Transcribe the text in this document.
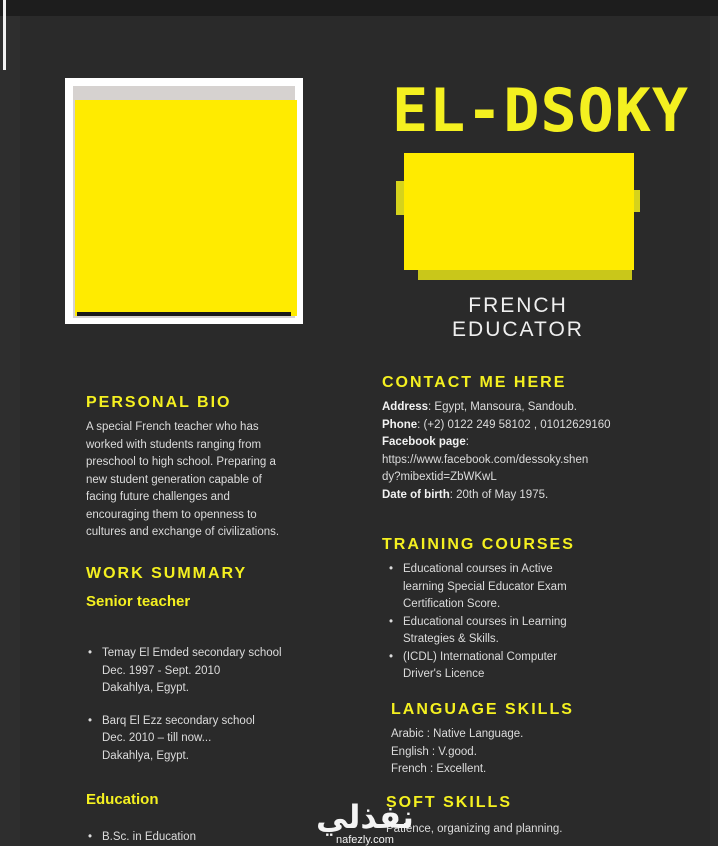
EL-DSOKY
FRENCH
EDUCATOR
PERSONAL BIO
A special French teacher who has
worked with students ranging from
preschool to high school. Preparing a
new student generation capable of
facing future challenges and
encouraging them to openness to
cultures and exchange of civilizations.
WORK SUMMARY
Senior teacher
• Temay El Emded secondary school
Dec. 1997 - Sept. 2010
Dakahlya, Egypt.
• Barq El Ezz secondary school
Dec. 2010 – till now...
Dakahlya, Egypt.
Education
• B.Sc. in Education
CONTACT ME HERE
Address: Egypt, Mansoura, Sandoub.
Phone: (+2) 0122 249 58102 , 01012629160
Facebook page:
https://www.facebook.com/dessoky.shen
dy?mibextid=ZbWKwL
Date of birth: 20th of May 1975.
TRAINING COURSES
• Educational courses in Active
learning Special Educator Exam
Certification Score.
• Educational courses in Learning
Strategies & Skills.
• (ICDL) International Computer
Driver's Licence
LANGUAGE SKILLS
Arabic : Native Language.
English : V.good.
French : Excellent.
SOFT SKILLS
Patience, organizing and planning.
نفذلي
nafezly.com
